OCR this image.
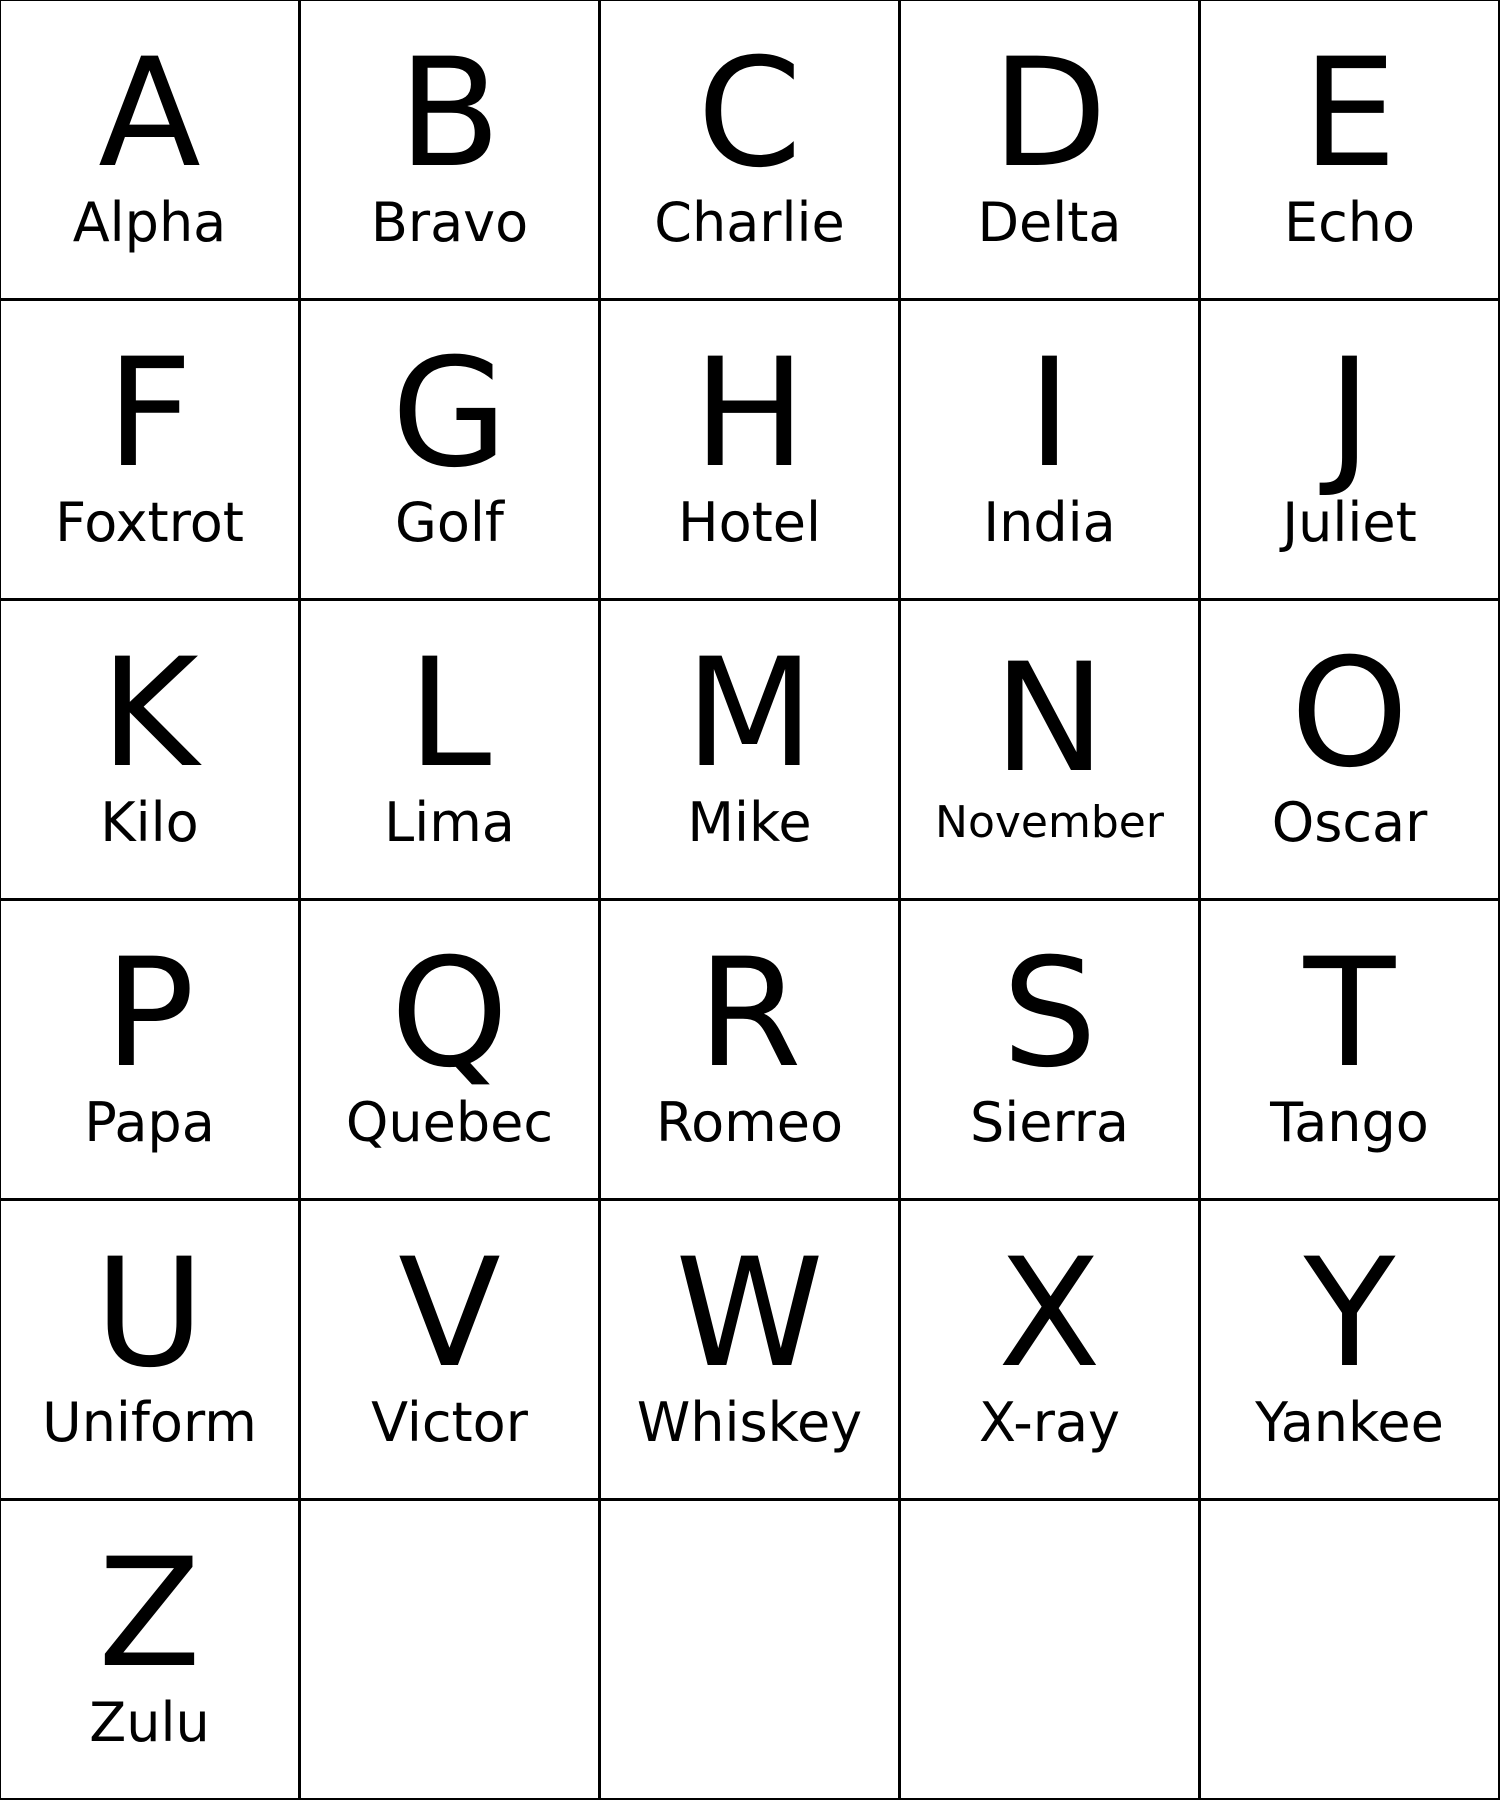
A
Alpha
B
Bravo
C
Charlie
D
Delta
E
Echo
F
Foxtrot
G
Golf
H
Hotel
I
India
J
Juliet
K
Kilo
L
Lima
M
Mike
N
November
O
Oscar
P
Papa
Q
Quebec
R
Romeo
S
Sierra
T
Tango
U
Uniform
V
Victor
W
Whiskey
X
X-ray
Y
Yankee
Z
Zulu
